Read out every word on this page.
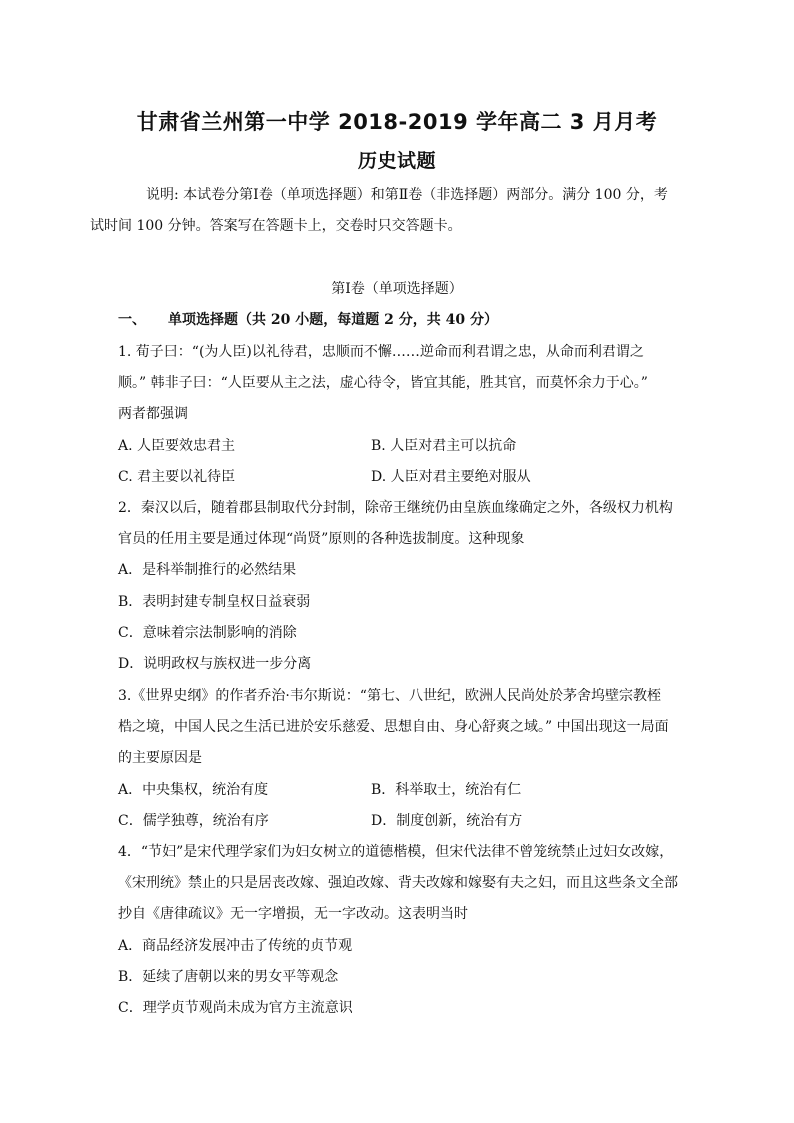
甘肃省兰州第一中学 2018-2019 学年高二 3 月月考
历史试题
说明: 本试卷分第Ⅰ卷（单项选择题）和第Ⅱ卷（非选择题）两部分。满分 100 分，考
试时间 100 分钟。答案写在答题卡上，交卷时只交答题卡。
第Ⅰ卷（单项选择题）
一、 单项选择题（共 20 小题，每道题 2 分，共 40 分）
1. 荀子曰：“(为人臣)以礼待君，忠顺而不懈……逆命而利君谓之忠，从命而利君谓之
顺。” 韩非子曰：“人臣要从主之法，虚心待令，皆宜其能，胜其官，而莫怀余力于心。”
两者都强调
A. 人臣要效忠君主	B. 人臣对君主可以抗命
C. 君主要以礼待臣	D. 人臣对君主要绝对服从
2．秦汉以后，随着郡县制取代分封制，除帝王继统仍由皇族血缘确定之外，各级权力机构
官员的任用主要是通过体现“尚贤”原则的各种选拔制度。这种现象
A．是科举制推行的必然结果
B．表明封建专制皇权日益衰弱
C．意味着宗法制影响的消除
D．说明政权与族权进一步分离
3.《世界史纲》的作者乔治·韦尔斯说：“第七、八世纪，欧洲人民尚处於茅舍坞壁宗教桎
梏之境，中国人民之生活已进於安乐慈爱、思想自由、身心舒爽之域。” 中国出现这一局面
的主要原因是
A．中央集权，统治有度	B．科举取士，统治有仁
C．儒学独尊，统治有序	D．制度创新，统治有方
4．“节妇”是宋代理学家们为妇女树立的道德楷模，但宋代法律不曾笼统禁止过妇女改嫁，
《宋刑统》禁止的只是居丧改嫁、强迫改嫁、背夫改嫁和嫁娶有夫之妇，而且这些条文全部
抄自《唐律疏议》无一字增损，无一字改动。这表明当时
A．商品经济发展冲击了传统的贞节观
B．延续了唐朝以来的男女平等观念
C．理学贞节观尚未成为官方主流意识
